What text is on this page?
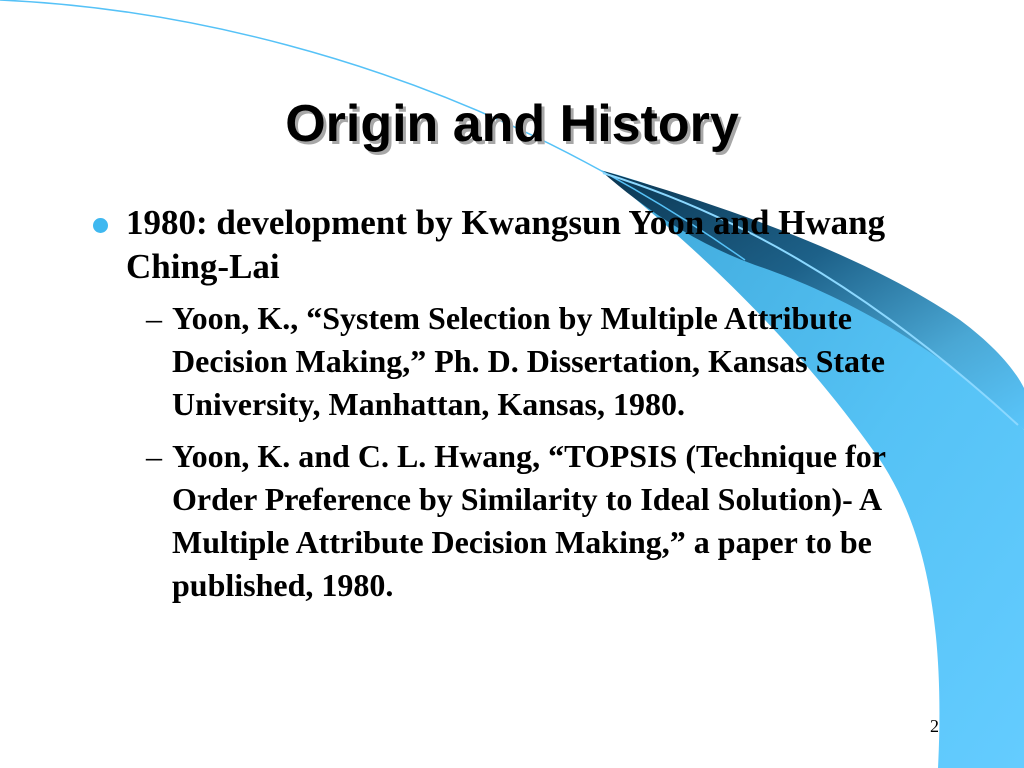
Origin and History
1980: development by Kwangsun Yoon and Hwang Ching-Lai
– Yoon, K., “System Selection by Multiple Attribute Decision Making,” Ph. D. Dissertation, Kansas State University, Manhattan, Kansas, 1980.
– Yoon, K. and C. L. Hwang, “TOPSIS (Technique for Order Preference by Similarity to Ideal Solution)- A Multiple Attribute Decision Making,” a paper to be published, 1980.
2
